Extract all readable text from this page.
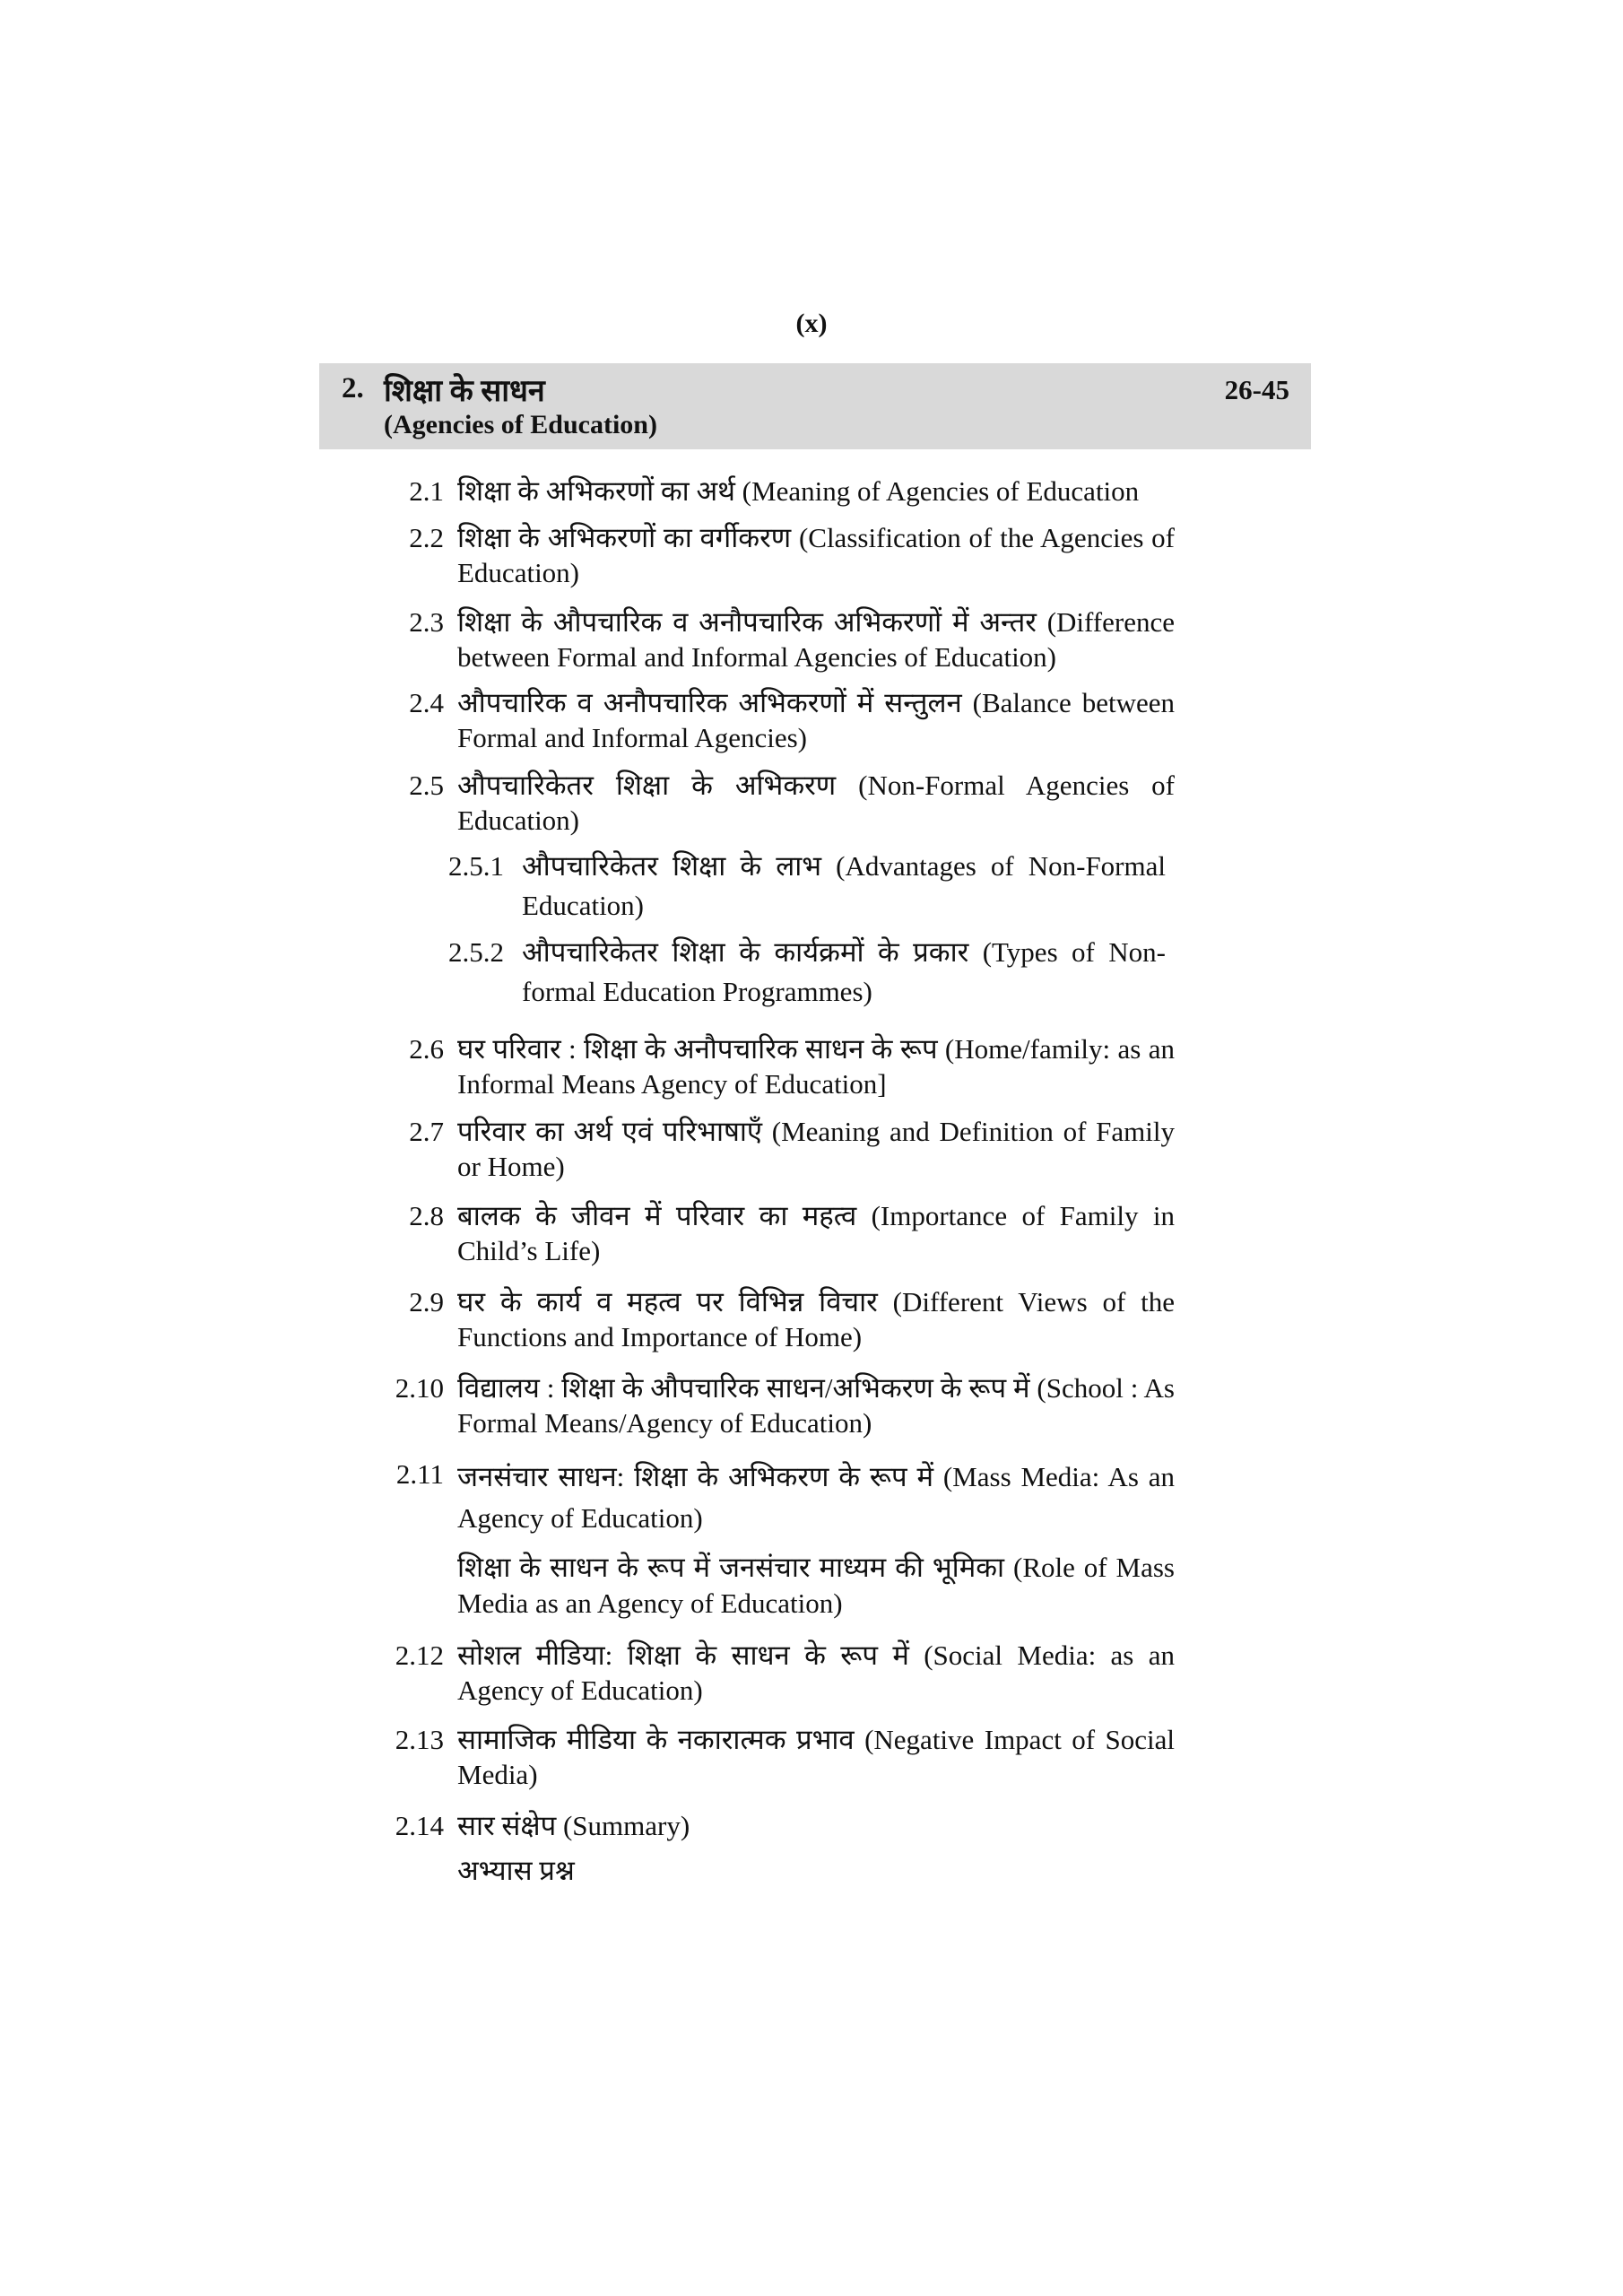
(x)
2. शिक्षा के साधन
(Agencies of Education)
26-45
2.1 शिक्षा के अभिकरणों का अर्थ (Meaning of Agencies of Education
2.2 शिक्षा के अभिकरणों का वर्गीकरण (Classification of the Agencies of Education)
2.3 शिक्षा के औपचारिक व अनौपचारिक अभिकरणों में अन्तर (Difference between Formal and Informal Agencies of Education)
2.4 औपचारिक व अनौपचारिक अभिकरणों में सन्तुलन (Balance between Formal and Informal Agencies)
2.5 औपचारिकेतर शिक्षा के अभिकरण (Non-Formal Agencies of Education)
2.5.1 औपचारिकेतर शिक्षा के लाभ (Advantages of Non-Formal Education)
2.5.2 औपचारिकेतर शिक्षा के कार्यक्रमों के प्रकार (Types of Non-formal Education Programmes)
2.6 घर परिवार : शिक्षा के अनौपचारिक साधन के रूप (Home/family: as an Informal Means Agency of Education]
2.7 परिवार का अर्थ एवं परिभाषाएँ (Meaning and Definition of Family or Home)
2.8 बालक के जीवन में परिवार का महत्व (Importance of Family in Child’s Life)
2.9 घर के कार्य व महत्व पर विभिन्न विचार (Different Views of the Functions and Importance of Home)
2.10 विद्यालय : शिक्षा के औपचारिक साधन/अभिकरण के रूप में (School : As Formal Means/Agency of Education)
2.11 जनसंचार साधन: शिक्षा के अभिकरण के रूप में (Mass Media: As an Agency of Education)
शिक्षा के साधन के रूप में जनसंचार माध्यम की भूमिका (Role of Mass Media as an Agency of Education)
2.12 सोशल मीडिया: शिक्षा के साधन के रूप में (Social Media: as an Agency of Education)
2.13 सामाजिक मीडिया के नकारात्मक प्रभाव (Negative Impact of Social Media)
2.14 सार संक्षेप (Summary)
अभ्यास प्रश्न
